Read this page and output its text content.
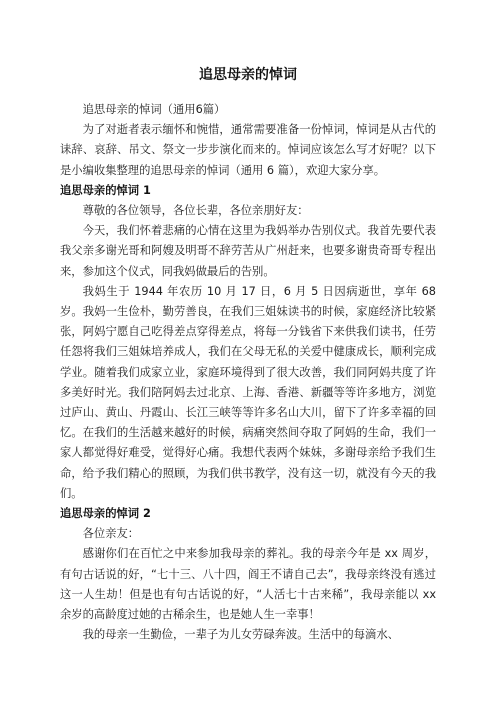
追思母亲的悼词

追思母亲的悼词（通用6篇）

为了对逝者表示缅怀和惋惜，通常需要准备一份悼词，悼词是从古代的诔辞、哀辞、吊文、祭文一步步演化而来的。悼词应该怎么写才好呢？以下是小编收集整理的追思母亲的悼词（通用 6 篇），欢迎大家分享。

追思母亲的悼词 1

尊敬的各位领导，各位长辈，各位亲朋好友：

今天，我们怀着悲痛的心情在这里为我妈举办告别仪式。我首先要代表我父亲多谢光哥和阿嫂及明哥不辞劳苦从广州赶来，也要多谢贵奇哥专程出来，参加这个仪式，同我妈做最后的告别。

我妈生于 1944 年农历 10 月 17 日，6 月 5 日因病逝世，享年 68 岁。我妈一生俭朴，勤劳善良，在我们三姐妹读书的时候，家庭经济比较紧张，阿妈宁愿自己吃得差点穿得差点，将每一分钱省下来供我们读书，任劳任怨将我们三姐妹培养成人，我们在父母无私的关爱中健康成长，顺利完成学业。随着我们成家立业，家庭环境得到了很大改善，我们同阿妈共度了许多美好时光。我们陪阿妈去过北京、上海、香港、新疆等等许多地方，浏览过庐山、黄山、丹霞山、长江三峡等等许多名山大川，留下了许多幸福的回忆。在我们的生活越来越好的时候，病痛突然间夺取了阿妈的生命，我们一家人都觉得好难受，觉得好心痛。我想代表两个妹妹，多谢母亲给予我们生命，给予我们精心的照顾，为我们供书教学，没有这一切，就没有今天的我们。

追思母亲的悼词 2

各位亲友：

感谢你们在百忙之中来参加我母亲的葬礼。我的母亲今年是 xx 周岁，有句古话说的好，“七十三、八十四，阎王不请自己去”，我母亲终没有逃过这一人生劫！但是也有句古话说的好，“人活七十古来稀”，我母亲能以 xx 余岁的高龄度过她的古稀余生，也是她人生一幸事！

我的母亲一生勤俭，一辈子为儿女劳碌奔波。生活中的每滴水、
